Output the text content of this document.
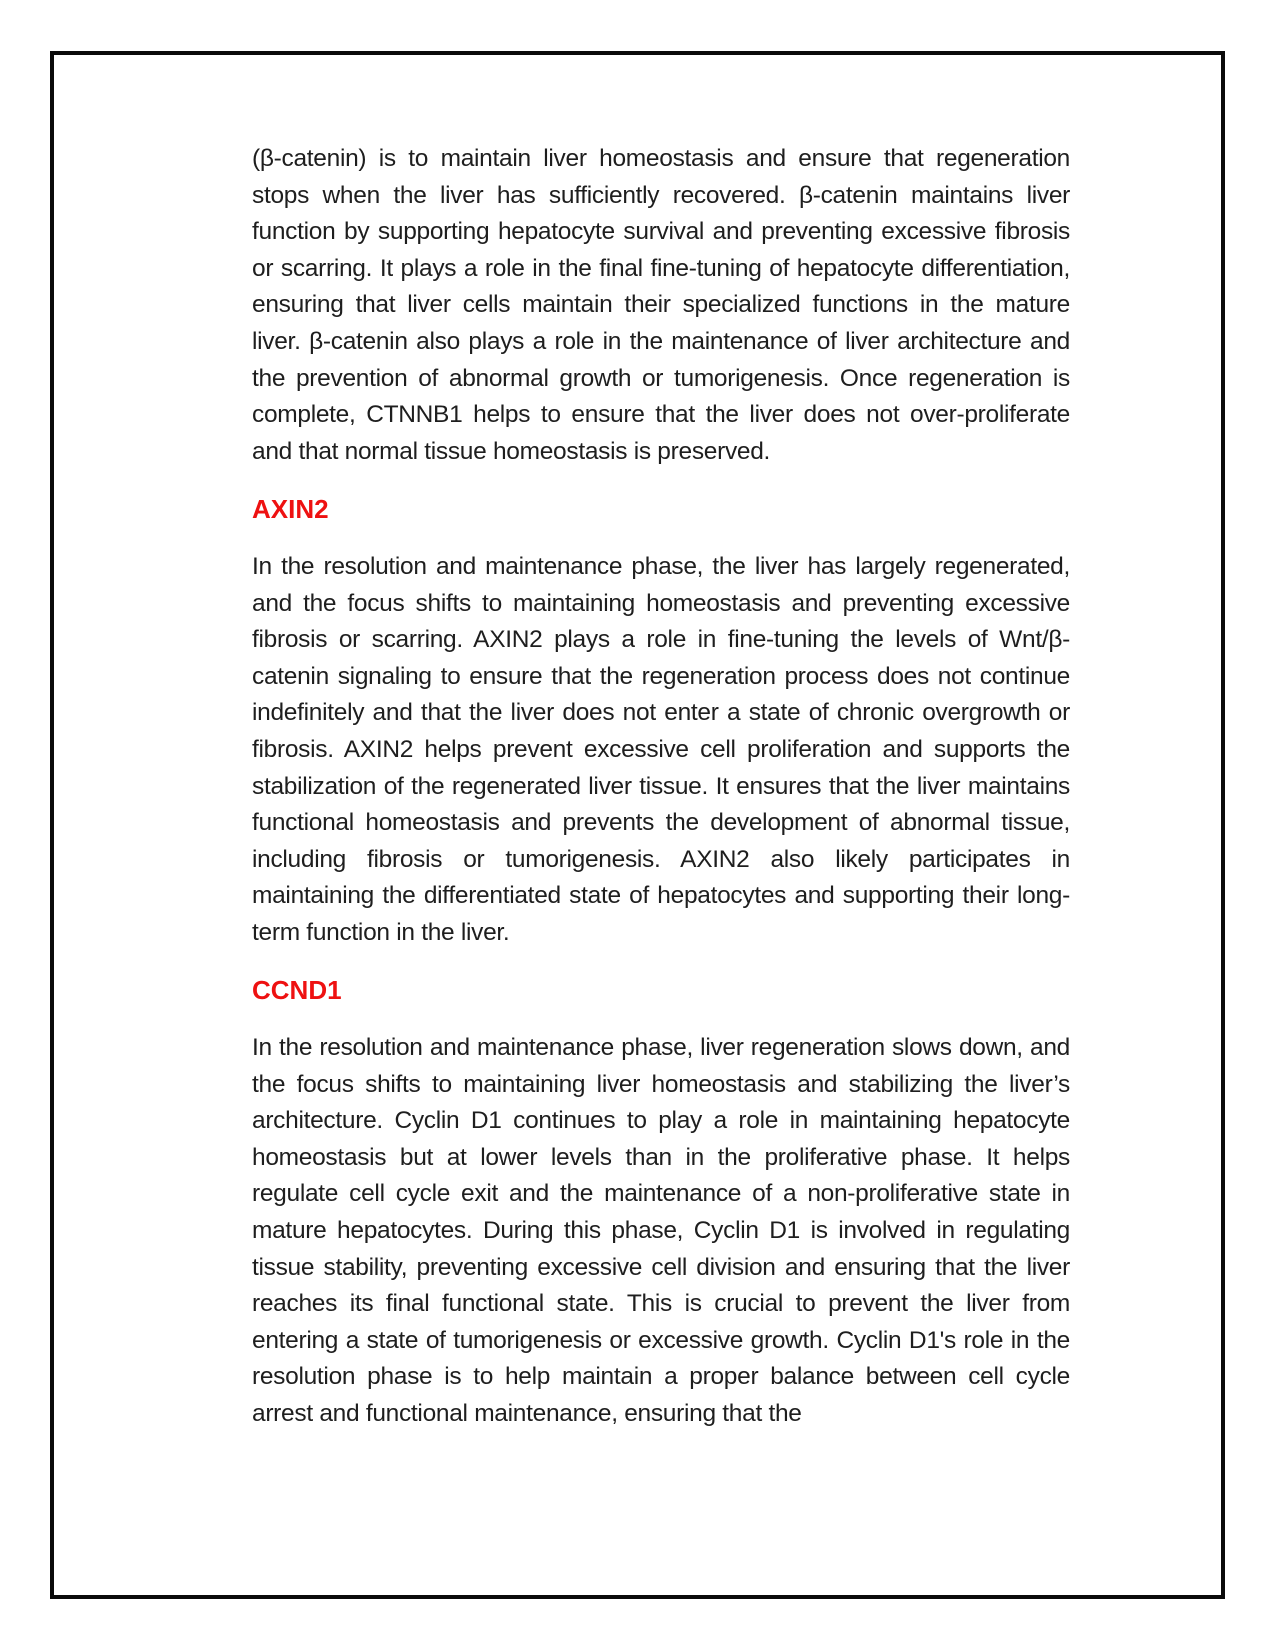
(β-catenin) is to maintain liver homeostasis and ensure that regeneration stops when the liver has sufficiently recovered. β-catenin maintains liver function by supporting hepatocyte survival and preventing excessive fibrosis or scarring. It plays a role in the final fine-tuning of hepatocyte differentiation, ensuring that liver cells maintain their specialized functions in the mature liver. β-catenin also plays a role in the maintenance of liver architecture and the prevention of abnormal growth or tumorigenesis. Once regeneration is complete, CTNNB1 helps to ensure that the liver does not over-proliferate and that normal tissue homeostasis is preserved.

AXIN2

In the resolution and maintenance phase, the liver has largely regenerated, and the focus shifts to maintaining homeostasis and preventing excessive fibrosis or scarring. AXIN2 plays a role in fine-tuning the levels of Wnt/β-catenin signaling to ensure that the regeneration process does not continue indefinitely and that the liver does not enter a state of chronic overgrowth or fibrosis. AXIN2 helps prevent excessive cell proliferation and supports the stabilization of the regenerated liver tissue. It ensures that the liver maintains functional homeostasis and prevents the development of abnormal tissue, including fibrosis or tumorigenesis. AXIN2 also likely participates in maintaining the differentiated state of hepatocytes and supporting their long-term function in the liver.

CCND1

In the resolution and maintenance phase, liver regeneration slows down, and the focus shifts to maintaining liver homeostasis and stabilizing the liver’s architecture. Cyclin D1 continues to play a role in maintaining hepatocyte homeostasis but at lower levels than in the proliferative phase. It helps regulate cell cycle exit and the maintenance of a non-proliferative state in mature hepatocytes. During this phase, Cyclin D1 is involved in regulating tissue stability, preventing excessive cell division and ensuring that the liver reaches its final functional state. This is crucial to prevent the liver from entering a state of tumorigenesis or excessive growth. Cyclin D1's role in the resolution phase is to help maintain a proper balance between cell cycle arrest and functional maintenance, ensuring that the
